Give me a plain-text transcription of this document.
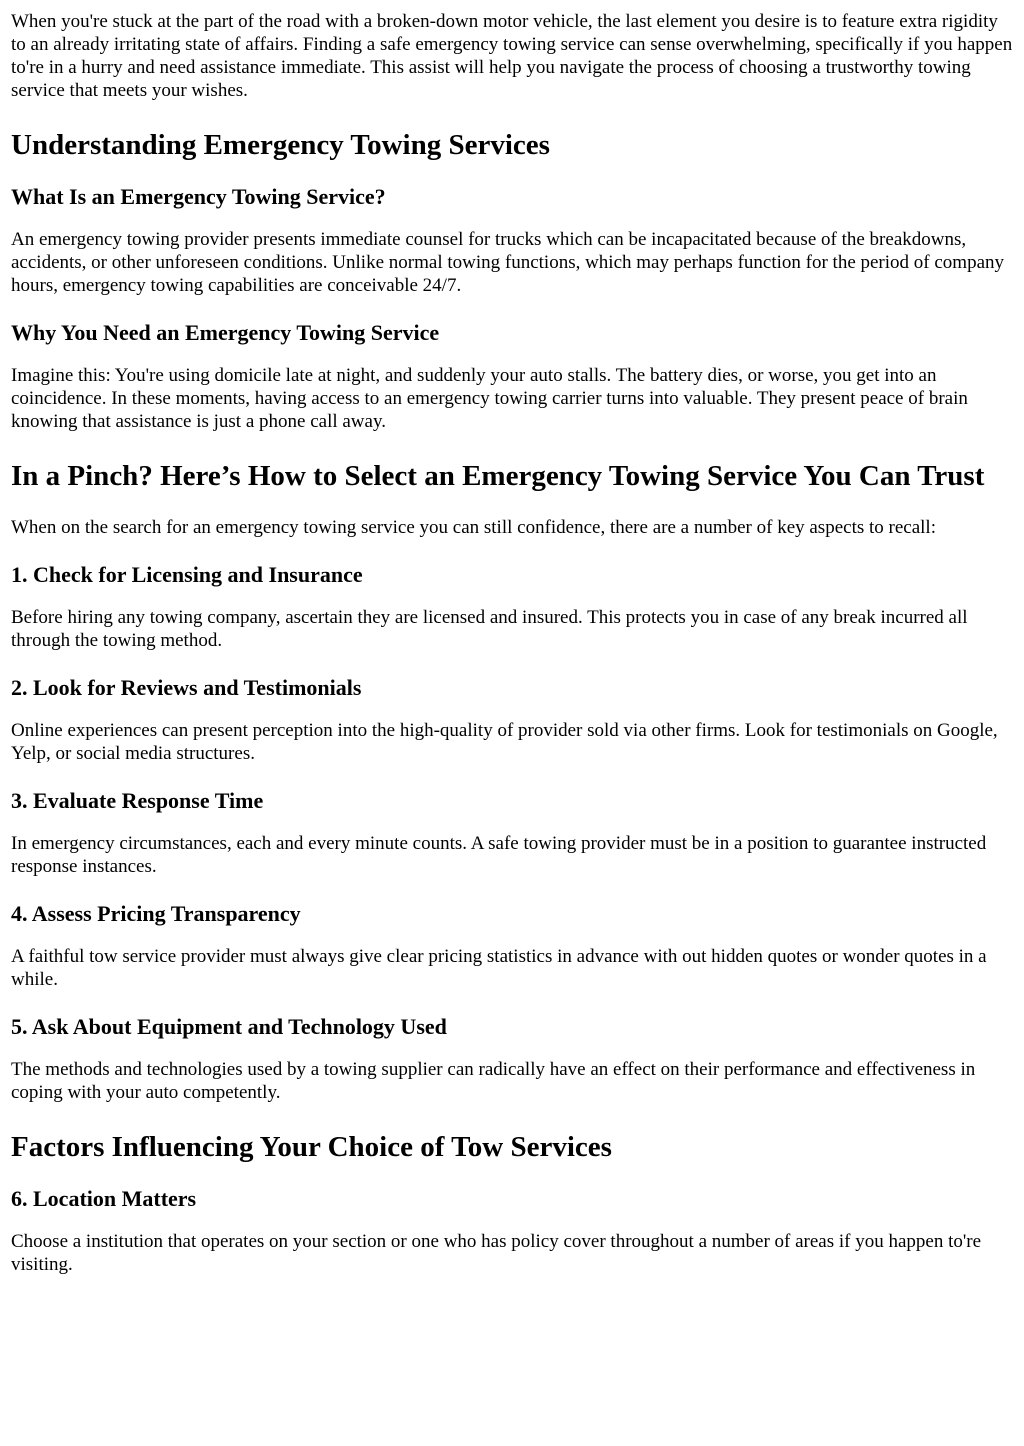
When you're stuck at the part of the road with a broken-down motor vehicle, the last element you desire is to feature extra rigidity to an already irritating state of affairs. Finding a safe emergency towing service can sense overwhelming, specifically if you happen to're in a hurry and need assistance immediate. This assist will help you navigate the process of choosing a trustworthy towing service that meets your wishes.

Understanding Emergency Towing Services
What Is an Emergency Towing Service?

An emergency towing provider presents immediate counsel for trucks which can be incapacitated because of the breakdowns, accidents, or other unforeseen conditions. Unlike normal towing functions, which may perhaps function for the period of company hours, emergency towing capabilities are conceivable 24/7.

Why You Need an Emergency Towing Service

Imagine this: You're using domicile late at night, and suddenly your auto stalls. The battery dies, or worse, you get into an coincidence. In these moments, having access to an emergency towing carrier turns into valuable. They present peace of brain knowing that assistance is just a phone call away.

In a Pinch? Here’s How to Select an Emergency Towing Service You Can Trust

When on the search for an emergency towing service you can still confidence, there are a number of key aspects to recall:

1. Check for Licensing and Insurance

Before hiring any towing company, ascertain they are licensed and insured. This protects you in case of any break incurred all through the towing method.

2. Look for Reviews and Testimonials

Online experiences can present perception into the high-quality of provider sold via other firms. Look for testimonials on Google, Yelp, or social media structures.

3. Evaluate Response Time

In emergency circumstances, each and every minute counts. A safe towing provider must be in a position to guarantee instructed response instances.

4. Assess Pricing Transparency

A faithful tow service provider must always give clear pricing statistics in advance with out hidden quotes or wonder quotes in a while.

5. Ask About Equipment and Technology Used

The methods and technologies used by a towing supplier can radically have an effect on their performance and effectiveness in coping with your auto competently.

Factors Influencing Your Choice of Tow Services
6. Location Matters

Choose a institution that operates on your section or one who has policy cover throughout a number of areas if you happen to're visiting.
